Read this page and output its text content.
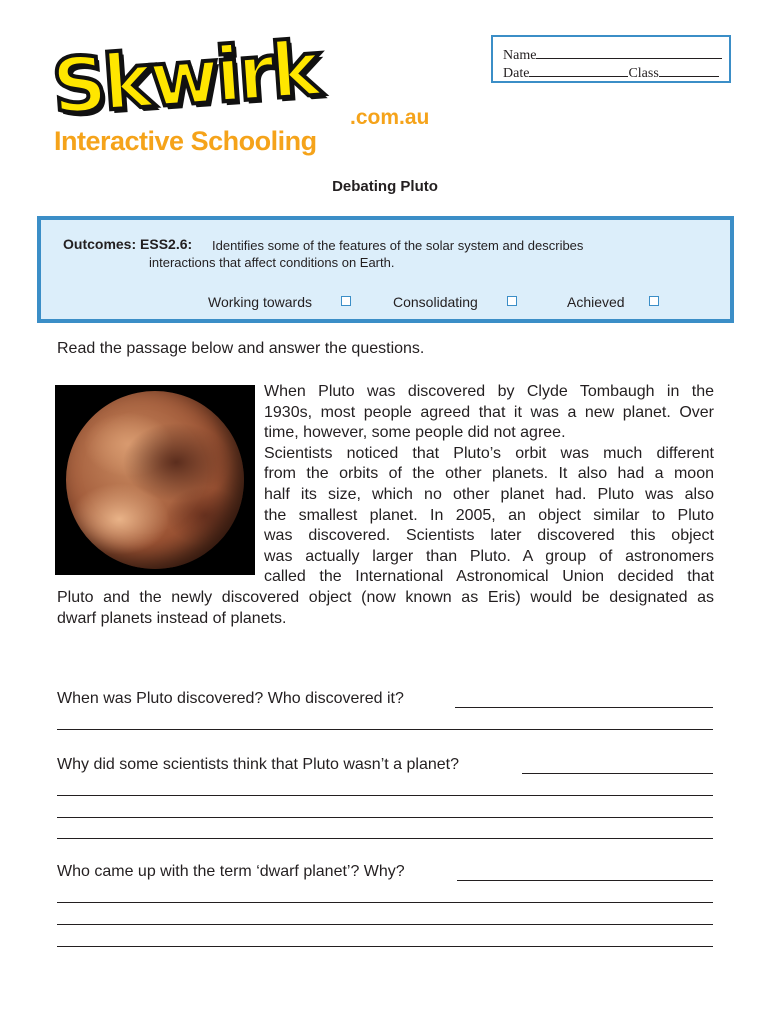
Skwirk .com.au
Interactive Schooling
Name
Date	Class
Debating Pluto
Outcomes: ESS2.6: Identifies some of the features of the solar system and describes
interactions that affect conditions on Earth.
Working towards	Consolidating	Achieved
Read the passage below and answer the questions.
When Pluto was discovered by Clyde Tombaugh in the
1930s, most people agreed that it was a new planet. Over
time, however, some people did not agree.
Scientists noticed that Pluto’s orbit was much different
from the orbits of the other planets. It also had a moon
half its size, which no other planet had. Pluto was also
the smallest planet. In 2005, an object similar to Pluto
was discovered. Scientists later discovered this object
was actually larger than Pluto. A group of astronomers
called the International Astronomical Union decided that
Pluto and the newly discovered object (now known as Eris) would be designated as
dwarf planets instead of planets.
When was Pluto discovered? Who discovered it?
Why did some scientists think that Pluto wasn’t a planet?
Who came up with the term ‘dwarf planet’? Why?
